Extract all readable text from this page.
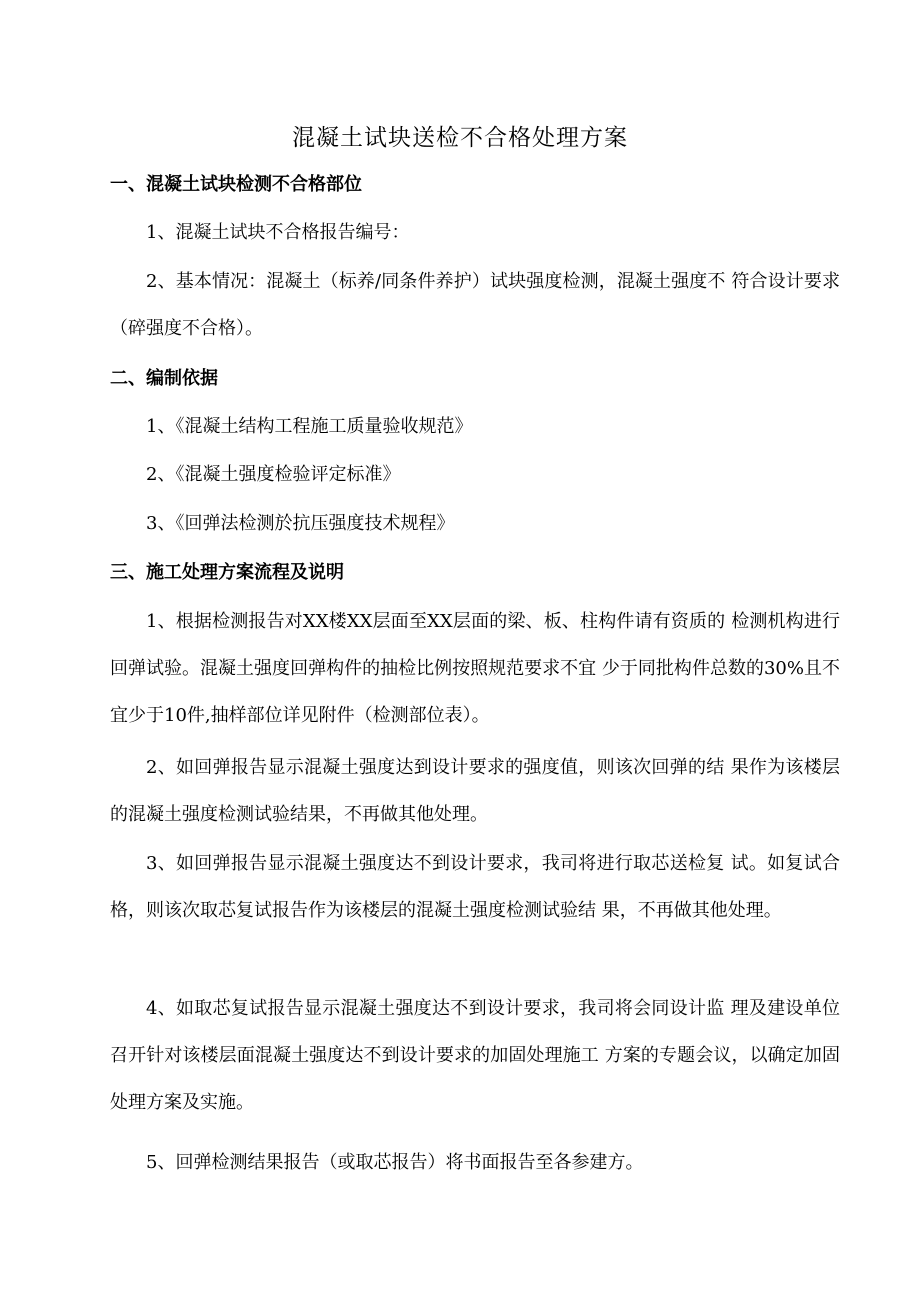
混凝土试块送检不合格处理方案
一、混凝土试块检测不合格部位

1、混凝土试块不合格报告编号：

2、基本情况：混凝土（标养/同条件养护）试块强度检测，混凝土强度不 符合设计要求（碎强度不合格）。

二、编制依据

1、《混凝土结构工程施工质量验收规范》

2、《混凝土强度检验评定标准》

3、《回弹法检测於抗压强度技术规程》

三、施工处理方案流程及说明

1、根据检测报告对XX楼XX层面至XX层面的梁、板、柱构件请有资质的 检测机构进行回弹试验。混凝土强度回弹构件的抽检比例按照规范要求不宜 少于同批构件总数的30%且不宜少于10件,抽样部位详见附件（检测部位表）。

2、如回弹报告显示混凝土强度达到设计要求的强度值，则该次回弹的结 果作为该楼层的混凝土强度检测试验结果，不再做其他处理。

3、如回弹报告显示混凝土强度达不到设计要求，我司将进行取芯送检复 试。如复试合格，则该次取芯复试报告作为该楼层的混凝土强度检测试验结 果，不再做其他处理。

4、如取芯复试报告显示混凝土强度达不到设计要求，我司将会同设计监 理及建设单位召开针对该楼层面混凝土强度达不到设计要求的加固处理施工 方案的专题会议，以确定加固处理方案及实施。

5、回弹检测结果报告（或取芯报告）将书面报告至各参建方。
